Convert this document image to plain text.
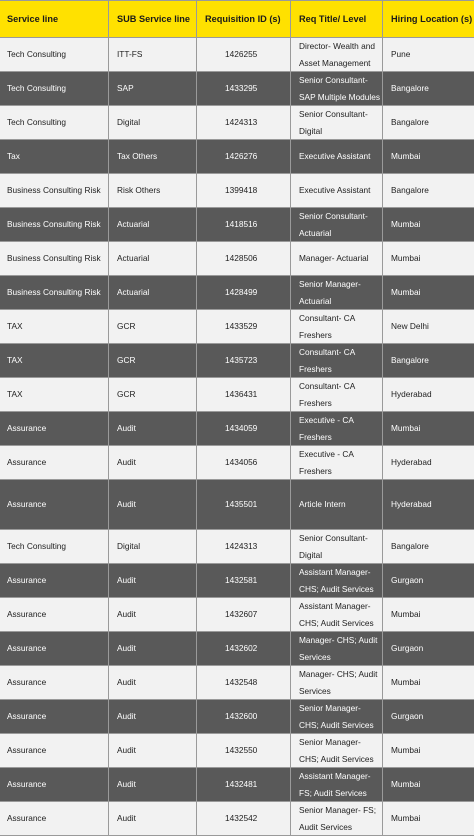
Service line	SUB Service line	Requisition ID (s)	Req Title/ Level	Hiring Location (s)
Tech Consulting	ITT-FS	1426255	Director- Wealth and Asset Management	Pune
Tech Consulting	SAP	1433295	Senior Consultant- SAP Multiple Modules	Bangalore
Tech Consulting	Digital	1424313	Senior Consultant- Digital	Bangalore
Tax	Tax Others	1426276	Executive Assistant	Mumbai
Business Consulting Risk	Risk Others	1399418	Executive Assistant	Bangalore
Business Consulting Risk	Actuarial	1418516	Senior Consultant- Actuarial	Mumbai
Business Consulting Risk	Actuarial	1428506	Manager- Actuarial	Mumbai
Business Consulting Risk	Actuarial	1428499	Senior Manager- Actuarial	Mumbai
TAX	GCR	1433529	Consultant- CA Freshers	New Delhi
TAX	GCR	1435723	Consultant- CA Freshers	Bangalore
TAX	GCR	1436431	Consultant- CA Freshers	Hyderabad
Assurance	Audit	1434059	Executive - CA Freshers	Mumbai
Assurance	Audit	1434056	Executive - CA Freshers	Hyderabad
Assurance	Audit	1435501	Article Intern	Hyderabad
Tech Consulting	Digital	1424313	Senior Consultant- Digital	Bangalore
Assurance	Audit	1432581	Assistant Manager- CHS; Audit Services	Gurgaon
Assurance	Audit	1432607	Assistant Manager- CHS; Audit Services	Mumbai
Assurance	Audit	1432602	Manager- CHS; Audit Services	Gurgaon
Assurance	Audit	1432548	Manager- CHS; Audit Services	Mumbai
Assurance	Audit	1432600	Senior Manager- CHS; Audit Services	Gurgaon
Assurance	Audit	1432550	Senior Manager- CHS; Audit Services	Mumbai
Assurance	Audit	1432481	Assistant Manager- FS; Audit Services	Mumbai
Assurance	Audit	1432542	Senior Manager- FS; Audit Services	Mumbai
